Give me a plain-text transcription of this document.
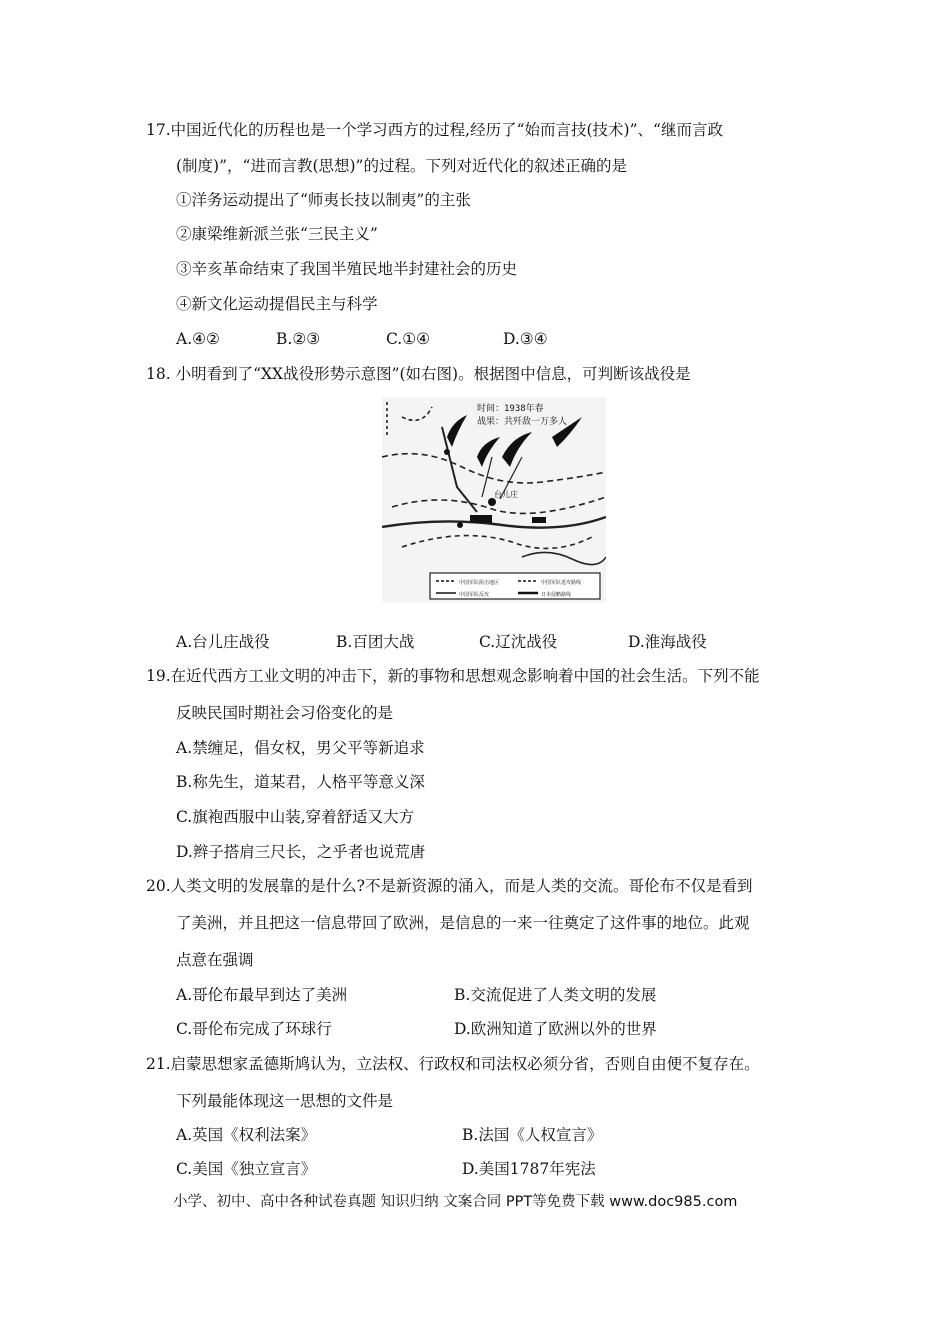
17.中国近代化的历程也是一个学习西方的过程,经历了“始而言技(技术)”、“继而言政
(制度)”，“进而言教(思想)”的过程。下列对近代化的叙述正确的是
①洋务运动提出了“师夷长技以制夷”的主张
②康梁维新派兰张“三民主义”
③辛亥革命结束了我国半殖民地半封建社会的历史
④新文化运动提倡民主与科学
A.④②	B.②③	C.①④	D.③④
18. 小明看到了“XX战役形势示意图”(如右图)。根据图中信息，可判断该战役是
时间：1938年春
战果：共歼敌一万多人
台儿庄
中国军队阻击地区	中国军队进攻路线
中国军队反攻	日本侵略路线
A.台儿庄战役	B.百团大战	C.辽沈战役	D.淮海战役
19.在近代西方工业文明的冲击下，新的事物和思想观念影响着中国的社会生活。下列不能
反映民国时期社会习俗变化的是
A.禁缠足，倡女权，男父平等新追求
B.称先生，道某君，人格平等意义深
C.旗袍西服中山装,穿着舒适又大方
D.辫子搭肩三尺长，之乎者也说荒唐
20.人类文明的发展靠的是什么?不是新资源的涌入，而是人类的交流。哥伦布不仅是看到
了美洲，并且把这一信息带回了欧洲，是信息的一来一往奠定了这件事的地位。此观
点意在强调
A.哥伦布最早到达了美洲	B.交流促进了人类文明的发展
C.哥伦布完成了环球行	D.欧洲知道了欧洲以外的世界
21.启蒙思想家孟德斯鸠认为，立法权、行政权和司法权必须分省，否则自由便不复存在。
下列最能体现这一思想的文件是
A.英国《权利法案》	B.法国《人权宣言》
C.美国《独立宣言》	D.美国1787年宪法
小学、初中、高中各种试卷真题 知识归纳 文案合同 PPT等免费下载 www.doc985.com
